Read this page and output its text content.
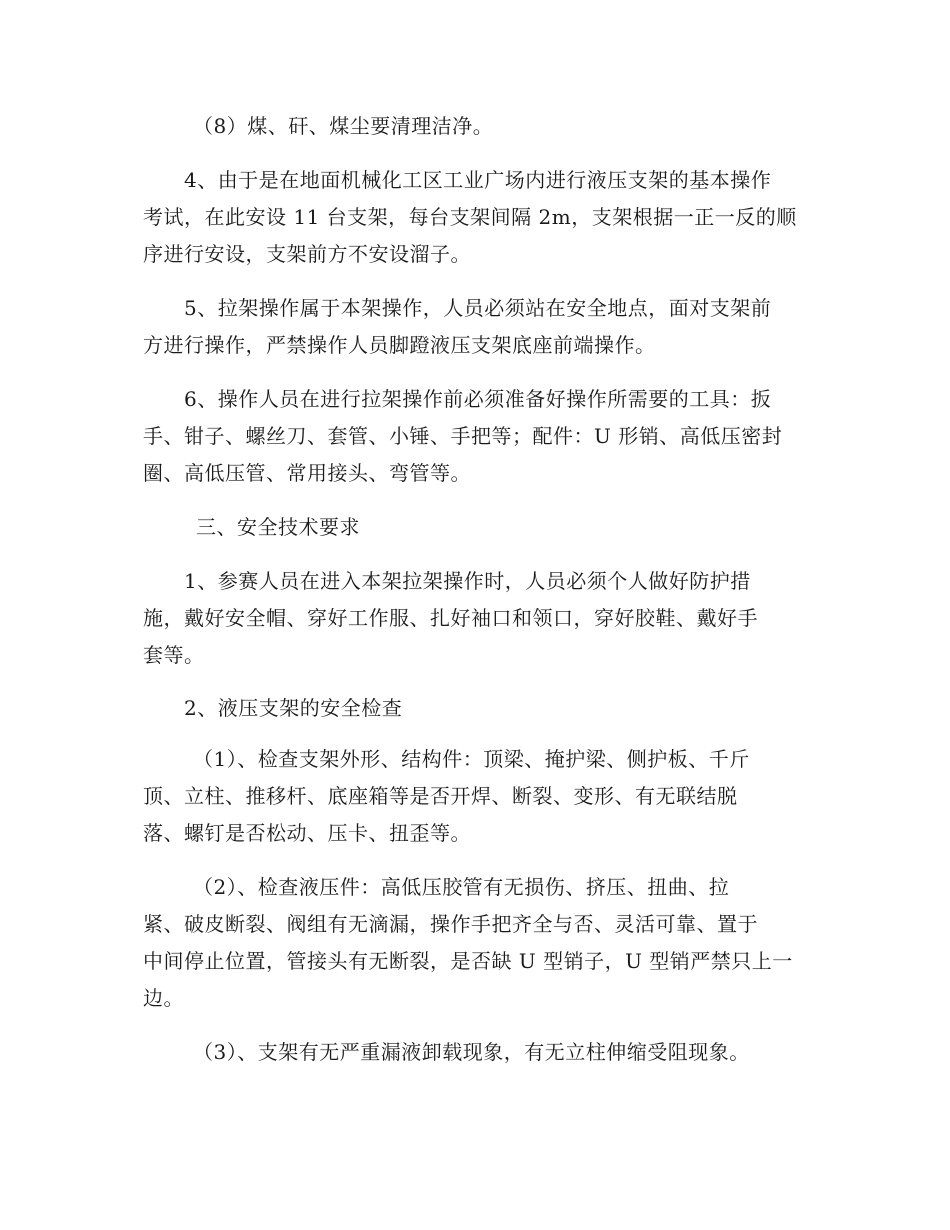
（8）煤、矸、煤尘要清理洁净。
4、由于是在地面机械化工区工业广场内进行液压支架的基本操作
考试，在此安设 11 台支架，每台支架间隔 2m，支架根据一正一反的顺
序进行安设，支架前方不安设溜子。
5、拉架操作属于本架操作，人员必须站在安全地点，面对支架前
方进行操作，严禁操作人员脚蹬液压支架底座前端操作。
6、操作人员在进行拉架操作前必须准备好操作所需要的工具：扳
手、钳子、螺丝刀、套管、小锤、手把等；配件：U 形销、高低压密封
圈、高低压管、常用接头、弯管等。
三、安全技术要求
1、参赛人员在进入本架拉架操作时，人员必须个人做好防护措
施，戴好安全帽、穿好工作服、扎好袖口和领口，穿好胶鞋、戴好手
套等。
2、液压支架的安全检查
（1）、检查支架外形、结构件：顶梁、掩护梁、侧护板、千斤
顶、立柱、推移杆、底座箱等是否开焊、断裂、变形、有无联结脱
落、螺钉是否松动、压卡、扭歪等。
（2）、检查液压件：高低压胶管有无损伤、挤压、扭曲、拉
紧、破皮断裂、阀组有无滴漏，操作手把齐全与否、灵活可靠、置于
中间停止位置，管接头有无断裂，是否缺 U 型销子，U 型销严禁只上一
边。
（3）、支架有无严重漏液卸载现象，有无立柱伸缩受阻现象。
